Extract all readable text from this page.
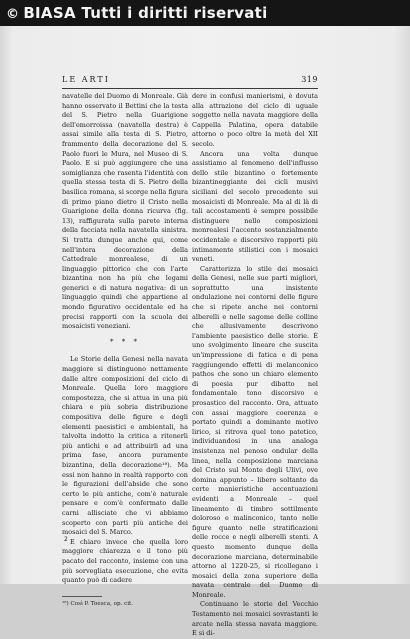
© BIASA Tutti i diritti riservati
LE ARTI	319

navatelle del Duomo di Monreale. Già hanno osservato il Bettini che la testa del S. Pietro nella Guarigione dell'emorroissa (navatella destra) è assai simile alla testa di S. Pietro, frammento della decorazione del S. Paolo fuori le Mura, nel Museo di S. Paolo. E si può aggiungere che una somiglianza che rasenta l'identità con quella stessa testa di S. Pietro della basilica romana, si scorge nella figura di primo piano dietro il Cristo nella Guarigione della donna ricurva (fig. 13), raffigurata sulla parete interna della facciata nella navatella sinistra. Si tratta dunque anche qui, come nell'intera decorazione della Cattedrale monrealese, di un linguaggio pittorico che con l'arte bizantina non ha più che legami generici e di natura negativa: di un linguaggio quindi che appartiene al mondo figurativo occidentale ed ha precisi rapporti con la scuola dei mosaicisti veneziani.

* * *

Le Storie della Genesi nella navata maggiore si distinguono nettamente dalle altre composizioni del ciclo di Monreale. Quella loro maggiore compostezza, che si attua in una più chiara e più sobria distribuzione compositiva delle figure e degli elementi paesistici e ambientali, ha talvolta indotto la critica a ritenerli più antichi e ad attribuirli ad una prima fase, ancora puramente bizantina, della decorazione¹⁸). Ma essi non hanno in realtà rapporto con le figurazioni dell'abside che sono certo le più antiche, com'è naturale pensare e com'è confermato dalle carni allisciate che vi abbiamo scoperto con parti più antiche dei mosaici del S. Marco.

E chiaro invece che quella loro maggiore chiarezza e il tono più pacato del racconto, insieme con una più sorvegliata esecuzione, che evita quanto può di cadere

¹⁸) Così P. Toesca, op. cit.

dere in confusi manierismi, è dovuta alla attrazione del ciclo di uguale soggetto nella navata maggiore della Cappella Palatina, opera databile attorno o poco oltre la metà del XII secolo.

Ancora una volta dunque assistiamo al fenomeno dell'influsso dello stile bizantino o fortemente bizantineggiante dei cicli musivi siciliani del secolo precedente sui mosaicisti di Monreale. Ma al di là di tali accostamenti è sempre possibile distinguere nello composizioni monrealesi l'accento sostanzialmente occidentale e discorsivo rapporti più intimamente stilistici con i mosaici veneti.

Caratterizza lo stile dei mosaici della Genesi, nelle sue parti migliori, soprattutto una insistente ondulazione nei contorni delle figure che si ripete anche nei contorni alberelli e nelle sagome delle colline che allusivamente descrivono l'ambiente paesistico delle storie. È uno svolgimento lineare che suscita un'impressione di fatica e di pena raggiungendo effetti di melanconico pathos che sono un chiaro elemento di poesia pur dibatto nel fondamentale tono discorsivo e prosastico del racconto. Ora, attuato con assai maggiore coerenza e portato quindi a dominante motivo lirico, si ritrova quel tono patetico, individuandosi in una analoga insistenza nel penoso ondular della linea, nella composizione marciana del Cristo sul Monte degli Ulivi, ove domina appunto – libero soltanto da certe manieristiche accentuazioni evidenti a Monreale – quel lineamento di timbro sottilmente doloroso e malinconico, tanto nelle figure quanto nelle stratificazioni delle rocce e negli alberelli stenti. A questo momento dunque della decorazione marciana, determinabile attorno al 1220-25, si ricollegano i mosaici della zona superiore della navata centrale del Duomo di Monreale.

Continuano le storie del Vecchio Testamento nei mosaici sovrastanti le arcate nella stessa navata maggiore. E si di-

2
